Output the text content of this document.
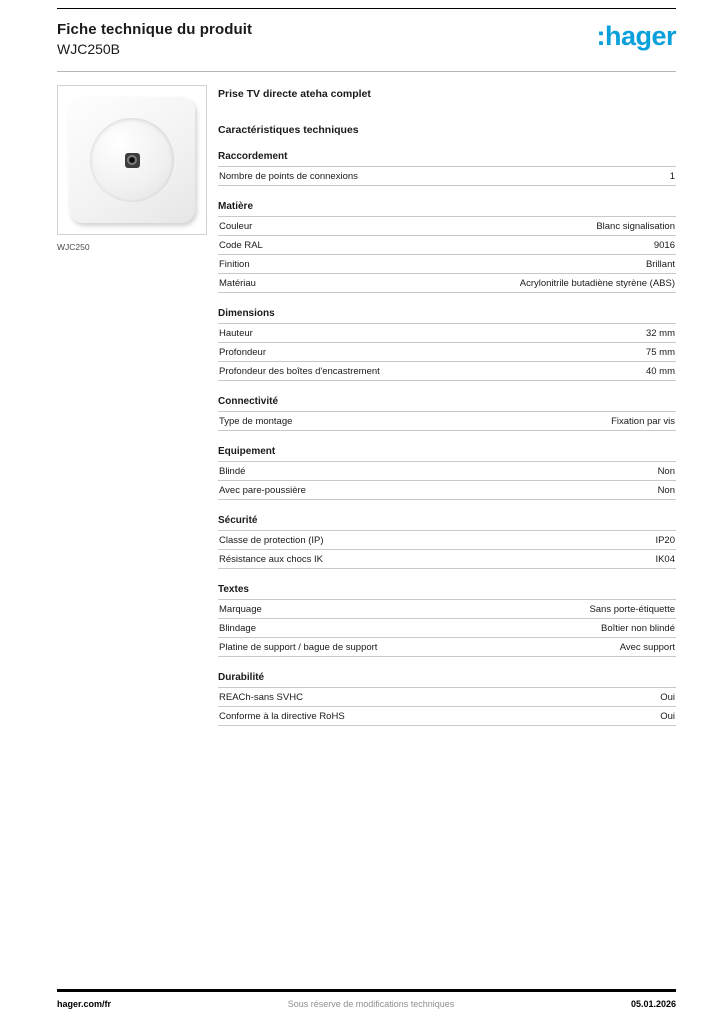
Fiche technique du produit
WJC250B	:hager
WJC250
Prise TV directe ateha complet
Caractéristiques techniques
Raccordement
Nombre de points de connexions	1
Matière
Couleur	Blanc signalisation
Code RAL	9016
Finition	Brillant
Matériau	Acrylonitrile butadiène styrène (ABS)
Dimensions
Hauteur	32 mm
Profondeur	75 mm
Profondeur des boîtes d'encastrement	40 mm
Connectivité
Type de montage	Fixation par vis
Equipement
Blindé	Non
Avec pare-poussière	Non
Sécurité
Classe de protection (IP)	IP20
Résistance aux chocs IK	IK04
Textes
Marquage	Sans porte-étiquette
Blindage	Boîtier non blindé
Platine de support / bague de support	Avec support
Durabilité
REACh-sans SVHC	Oui
Conforme à la directive RoHS	Oui
hager.com/fr	Sous réserve de modifications techniques	05.01.2026
